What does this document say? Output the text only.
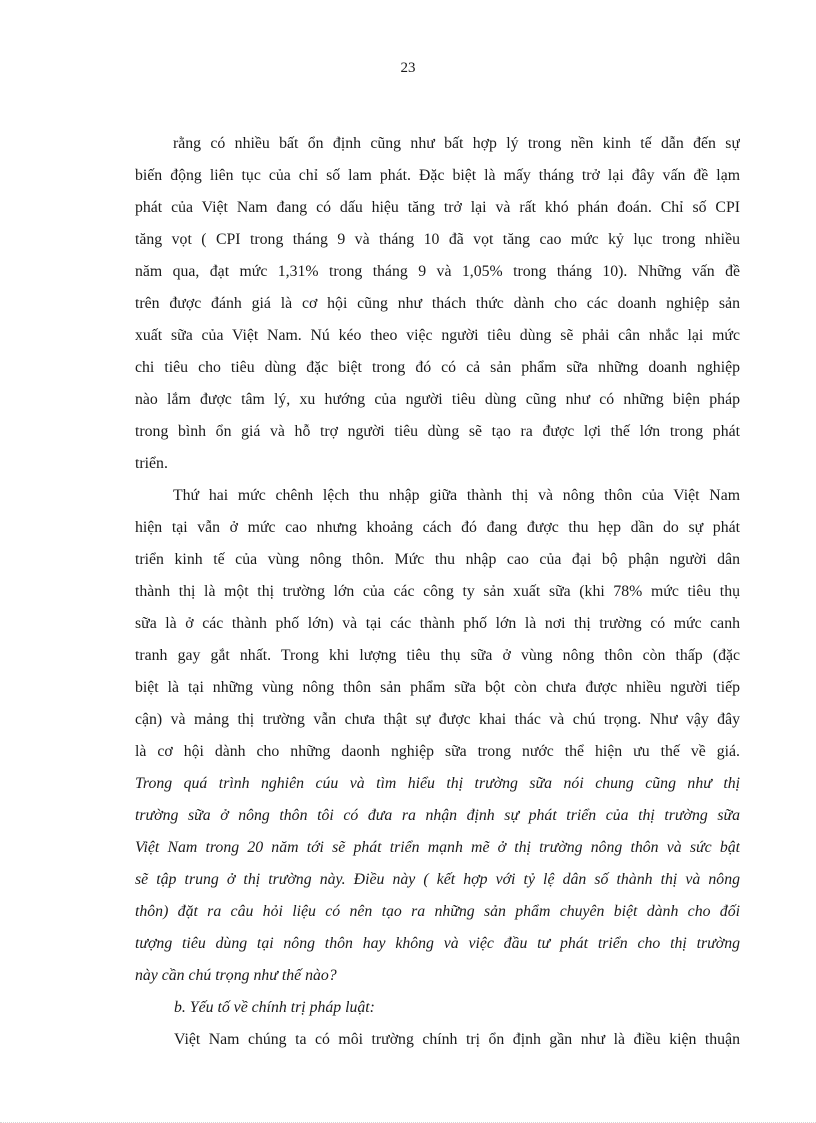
23
rằng có nhiều bất ổn định cũng như bất hợp lý trong nền kinh tế dẫn đến sự
biến động liên tục của chỉ số lam phát. Đặc biệt là mấy tháng trở lại đây vấn đề lạm
phát của Việt Nam đang có dấu hiệu tăng trở lại và rất khó phán đoán. Chỉ số CPI
tăng vọt ( CPI trong tháng 9 và tháng 10 đã vọt tăng cao mức kỷ lục trong nhiều
năm qua, đạt mức 1,31% trong tháng 9 và 1,05% trong tháng 10). Những vấn đề
trên được đánh giá là cơ hội cũng như thách thức dành cho các doanh nghiệp sản
xuất sữa của Việt Nam. Nú kéo theo việc người tiêu dùng sẽ phải cân nhắc lại mức
chi tiêu cho tiêu dùng đặc biệt trong đó có cả sản phẩm sữa những doanh nghiệp
nào lắm được tâm lý, xu hướng của người tiêu dùng cũng như có những biện pháp
trong bình ổn giá và hỗ trợ người tiêu dùng sẽ tạo ra được lợi thế lớn trong phát
triển.
Thứ hai mức chênh lệch thu nhập giữa thành thị và nông thôn của Việt Nam
hiện tại vẫn ở mức cao nhưng khoảng cách đó đang được thu hẹp dần do sự phát
triển kinh tế của vùng nông thôn. Mức thu nhập cao của đại bộ phận người dân
thành thị là một thị trường lớn của các công ty sản xuất sữa (khi 78% mức tiêu thụ
sữa là ở các thành phố lớn) và tại các thành phố lớn là nơi thị trường có mức canh
tranh gay gắt nhất. Trong khi lượng tiêu thụ sữa ở vùng nông thôn còn thấp (đặc
biệt là tại những vùng nông thôn sản phẩm sữa bột còn chưa được nhiều người tiếp
cận) và mảng thị trường vẫn chưa thật sự được khai thác và chú trọng. Như vậy đây
là cơ hội dành cho những daonh nghiệp sữa trong nước thể hiện ưu thế về giá.
Trong quá trình nghiên cúu và tìm hiểu thị trường sữa nói chung cũng như thị
trường sữa ở nông thôn tôi có đưa ra nhận định sự phát triển của thị trường sữa
Việt Nam trong 20 năm tới sẽ phát triển mạnh mẽ ở thị trường nông thôn và sức bật
sẽ tập trung ở thị trường này. Điều này ( kết hợp với tỷ lệ dân số thành thị và nông
thôn) đặt ra câu hỏi liệu có nên tạo ra những sản phẩm chuyên biệt dành cho đối
tượng tiêu dùng tại nông thôn hay không và việc đầu tư phát triển cho thị trường
này cần chú trọng như thế nào?
b. Yếu tố về chính trị pháp luật:
Việt Nam chúng ta có môi trường chính trị ổn định gần như là điều kiện thuận
